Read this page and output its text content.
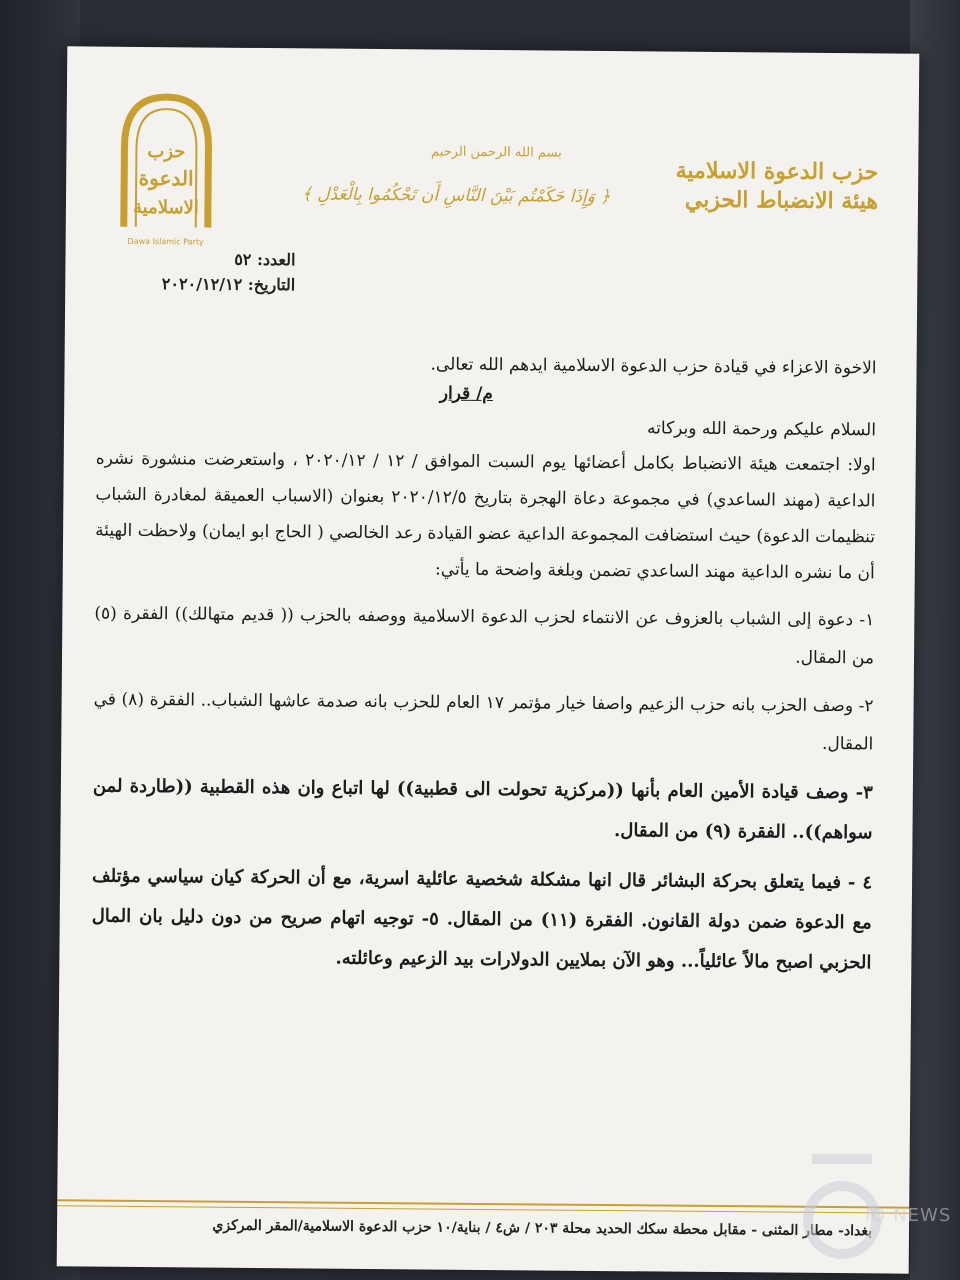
حزب
الدعوة
الاسلامية
Dawa Islamic Party
بسم الله الرحمن الرحيم
﴿ وَإِذَا حَكَمْتُم بَيْنَ النَّاسِ أَن تَحْكُمُوا بِالْعَدْلِ ﴾
حزب الدعوة الاسلامية
هيئة الانضباط الحزبي
العدد: ٥٢
التاريخ: ٢٠٢٠/١٢/١٢

الاخوة الاعزاء في قيادة حزب الدعوة الاسلامية ايدهم الله تعالى.

م/ قرار

السلام عليكم ورحمة الله وبركاته

اولا: اجتمعت هيئة الانضباط بكامل أعضائها يوم السبت الموافق / ١٢ / ٢٠٢٠/١٢ ، واستعرضت منشورة نشره الداعية (مهند الساعدي) في مجموعة دعاة الهجرة بتاريخ ٢٠٢٠/١٢/٥ بعنوان (الاسباب العميقة لمغادرة الشباب تنظيمات الدعوة) حيث استضافت المجموعة الداعية عضو القيادة رعد الخالصي ( الحاج ابو ايمان) ولاحظت الهيئة أن ما نشره الداعية مهند الساعدي تضمن وبلغة واضحة ما يأتي:

١- دعوة إلى الشباب بالعزوف عن الانتماء لحزب الدعوة الاسلامية ووصفه بالحزب (( قديم متهالك)) الفقرة (٥) من المقال.

٢- وصف الحزب بانه حزب الزعيم واصفا خيار مؤتمر ١٧ العام للحزب بانه صدمة عاشها الشباب.. الفقرة (٨) في المقال.

٣- وصف قيادة الأمين العام بأنها ((مركزية تحولت الى قطبية)) لها اتباع وان هذه القطبية ((طاردة لمن سواهم)).. الفقرة (٩) من المقال.

٤ - فيما يتعلق بحركة البشائر قال انها مشكلة شخصية عائلية اسرية، مع أن الحركة كيان سياسي مؤتلف مع الدعوة ضمن دولة القانون. الفقرة (١١) من المقال. ٥- توجيه اتهام صريح من دون دليل بان المال الحزبي اصبح مالاً عائلياً... وهو الآن بملايين الدولارات بيد الزعيم وعائلته.

بغداد- مطار المثنى - مقابل محطة سكك الحديد محلة ٢٠٣ / ش٤ / بناية/١٠ حزب الدعوة الاسلامية/المقر المركزي
IQ NEWS
